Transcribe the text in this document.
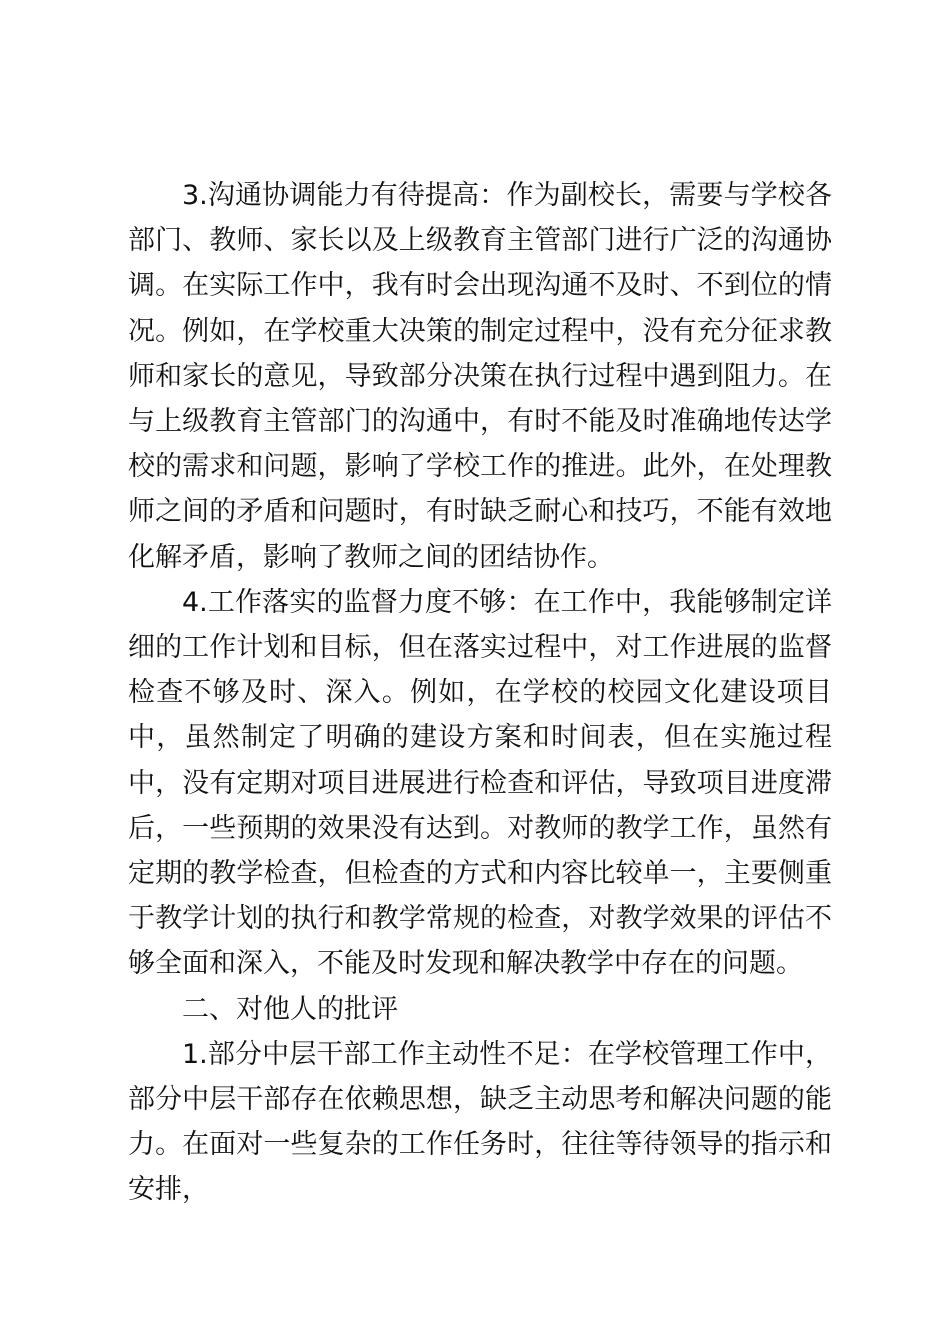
3.沟通协调能力有待提高：作为副校长，需要与学校各部门、教师、家长以及上级教育主管部门进行广泛的沟通协调。在实际工作中，我有时会出现沟通不及时、不到位的情况。例如，在学校重大决策的制定过程中，没有充分征求教师和家长的意见，导致部分决策在执行过程中遇到阻力。在与上级教育主管部门的沟通中，有时不能及时准确地传达学校的需求和问题，影响了学校工作的推进。此外，在处理教师之间的矛盾和问题时，有时缺乏耐心和技巧，不能有效地化解矛盾，影响了教师之间的团结协作。

4.工作落实的监督力度不够：在工作中，我能够制定详细的工作计划和目标，但在落实过程中，对工作进展的监督检查不够及时、深入。例如，在学校的校园文化建设项目中，虽然制定了明确的建设方案和时间表，但在实施过程中，没有定期对项目进展进行检查和评估，导致项目进度滞后，一些预期的效果没有达到。对教师的教学工作，虽然有定期的教学检查，但检查的方式和内容比较单一，主要侧重于教学计划的执行和教学常规的检查，对教学效果的评估不够全面和深入，不能及时发现和解决教学中存在的问题。

二、对他人的批评

1.部分中层干部工作主动性不足：在学校管理工作中，部分中层干部存在依赖思想，缺乏主动思考和解决问题的能力。在面对一些复杂的工作任务时，往往等待领导的指示和安排，
